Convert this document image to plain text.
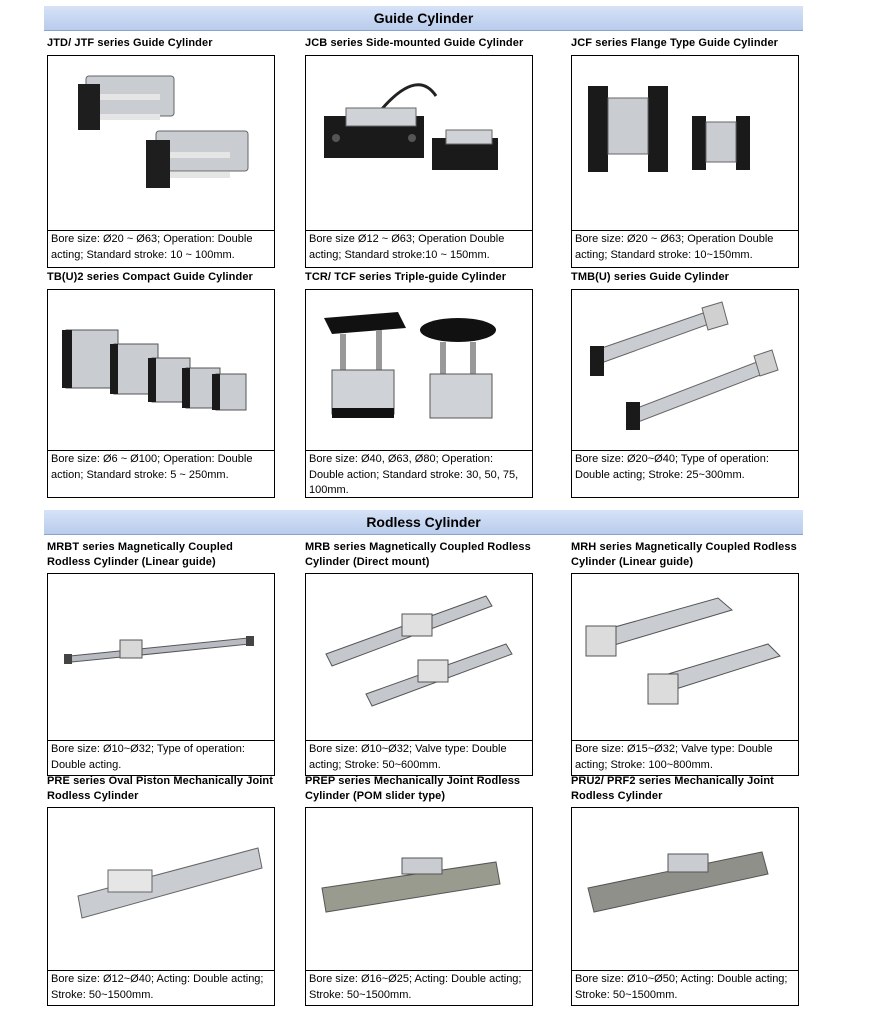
Guide Cylinder
JTD/ JTF series Guide Cylinder
Bore size: Ø20 ~ Ø63; Operation: Double acting; Standard stroke: 10 ~ 100mm.
JCB series Side-mounted Guide Cylinder
Bore size Ø12 ~ Ø63; Operation Double acting; Standard stroke:10 ~ 150mm.
JCF series Flange Type Guide Cylinder
Bore size: Ø20 ~ Ø63; Operation Double acting; Standard stroke: 10~150mm.
TB(U)2 series Compact Guide Cylinder
Bore size: Ø6 ~ Ø100; Operation: Double action; Standard stroke: 5 ~ 250mm.
TCR/ TCF series Triple-guide Cylinder
Bore size: Ø40, Ø63, Ø80; Operation: Double action; Standard stroke: 30, 50, 75, 100mm.
TMB(U) series Guide Cylinder
Bore size: Ø20~Ø40; Type of operation: Double acting; Stroke: 25~300mm.
Rodless Cylinder
MRBT series Magnetically Coupled Rodless Cylinder (Linear guide)
Bore size: Ø10~Ø32; Type of operation: Double acting.
MRB series Magnetically Coupled Rodless Cylinder (Direct mount)
Bore size: Ø10~Ø32; Valve type: Double acting; Stroke: 50~600mm.
MRH series Magnetically Coupled Rodless Cylinder (Linear guide)
Bore size: Ø15~Ø32; Valve type: Double acting; Stroke: 100~800mm.
PRE series Oval Piston Mechanically Joint Rodless Cylinder
Bore size: Ø12~Ø40; Acting: Double acting; Stroke: 50~1500mm.
PREP series Mechanically Joint Rodless Cylinder (POM slider type)
Bore size: Ø16~Ø25; Acting: Double acting; Stroke: 50~1500mm.
PRU2/ PRF2 series Mechanically Joint Rodless Cylinder
Bore size: Ø10~Ø50; Acting: Double acting; Stroke: 50~1500mm.
